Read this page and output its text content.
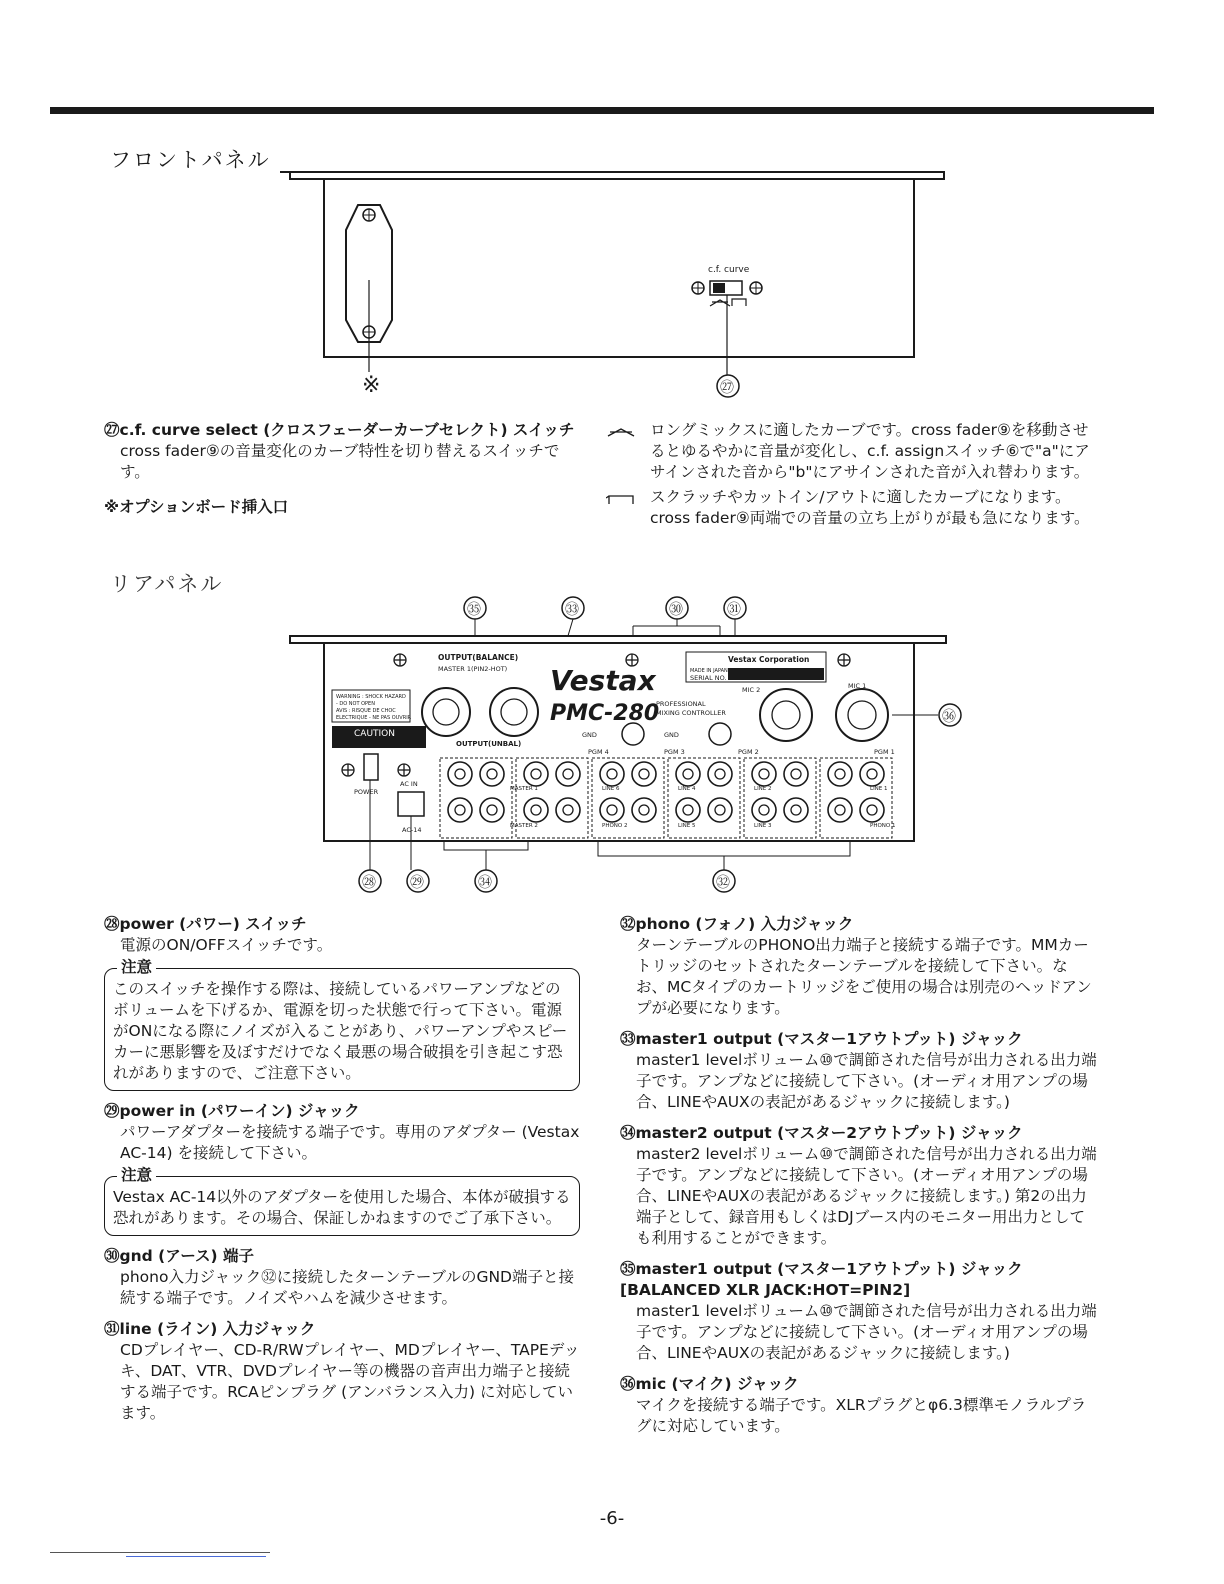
フロントパネル
※
c.f. curve
㉗
㉗c.f. curve select (クロスフェーダーカーブセレクト) スイッチ
cross fader⑨の音量変化のカーブ特性を切り替えるスイッチです。
※オプションボード挿入口
ロングミックスに適したカーブです。cross fader⑨を移動させるとゆるやかに音量が変化し、c.f. assignスイッチ⑥で"a"にアサインされた音から"b"にアサインされた音が入れ替わります。
スクラッチやカットイン/アウトに適したカーブになります。cross fader⑨両端での音量の立ち上がりが最も急になります。
リアパネル
㉟	㉝	㉚	㉛
OUTPUT(BALANCE)
MASTER 1(PIN2-HOT)
WARNING : SHOCK HAZARD
- DO NOT OPEN
AVIS : RISQUE DE CHOC
ELECTRIQUE - NE PAS OUVRIR
CAUTION
Vestax
PMC-280
PROFESSIONAL
MIXING CONTROLLER
Vestax Corporation
MADE IN JAPAN
SERIAL NO.
GND	GND
MIC 2	MIC 1
㊱
OUTPUT(UNBAL)
PGM 4	PGM 3	PGM 2	PGM 1
POWER
AC IN
AC-14
MASTER 1
MASTER 2
LINE 6
PHONO 2
LINE 4
LINE 5
LINE 2
LINE 3
LINE 1
PHONO 1
㉘ ㉙	㉞	㉜
㉘power (パワー) スイッチ
電源のON/OFFスイッチです。
注意
このスイッチを操作する際は、接続しているパワーアンプなどのボリュームを下げるか、電源を切った状態で行って下さい。電源がONになる際にノイズが入ることがあり、パワーアンプやスピーカーに悪影響を及ぼすだけでなく最悪の場合破損を引き起こす恐れがありますので、ご注意下さい。
㉙power in (パワーイン) ジャック
パワーアダプターを接続する端子です。専用のアダプター (Vestax AC-14) を接続して下さい。
注意
Vestax AC-14以外のアダプターを使用した場合、本体が破損する恐れがあります。その場合、保証しかねますのでご了承下さい。
㉚gnd (アース) 端子
phono入力ジャック㉜に接続したターンテーブルのGND端子と接続する端子です。ノイズやハムを減少させます。
㉛line (ライン) 入力ジャック
CDプレイヤー、CD-R/RWプレイヤー、MDプレイヤー、TAPEデッキ、DAT、VTR、DVDプレイヤー等の機器の音声出力端子と接続する端子です。RCAピンプラグ (アンバランス入力) に対応しています。
㉜phono (フォノ) 入力ジャック
ターンテーブルのPHONO出力端子と接続する端子です。MMカートリッジのセットされたターンテーブルを接続して下さい。なお、MCタイプのカートリッジをご使用の場合は別売のヘッドアンプが必要になります。
㉝master1 output (マスター1アウトプット) ジャック
master1 levelボリューム⑩で調節された信号が出力される出力端子です。アンプなどに接続して下さい。(オーディオ用アンプの場合、LINEやAUXの表記があるジャックに接続します。)
㉞master2 output (マスター2アウトプット) ジャック
master2 levelボリューム⑩で調節された信号が出力される出力端子です。アンプなどに接続して下さい。(オーディオ用アンプの場合、LINEやAUXの表記があるジャックに接続します。) 第2の出力端子として、録音用もしくはDJブース内のモニター用出力としても利用することができます。
㉟master1 output (マスター1アウトプット) ジャック [BALANCED XLR JACK:HOT=PIN2]
master1 levelボリューム⑩で調節された信号が出力される出力端子です。アンプなどに接続して下さい。(オーディオ用アンプの場合、LINEやAUXの表記があるジャックに接続します。)
㊱mic (マイク) ジャック
マイクを接続する端子です。XLRプラグとφ6.3標準モノラルプラグに対応しています。
-6-
